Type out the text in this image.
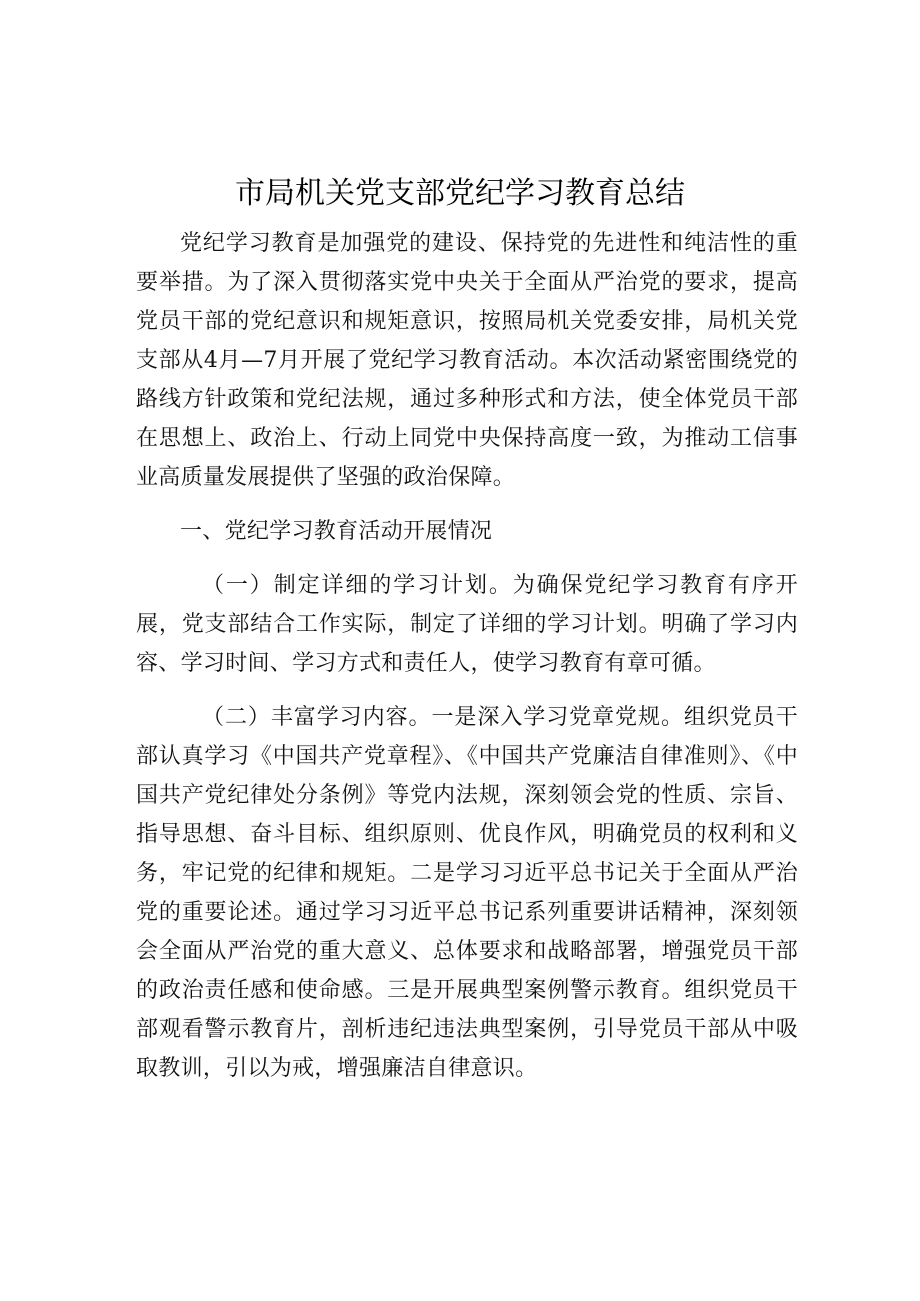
市局机关党支部党纪学习教育总结

党纪学习教育是加强党的建设、保持党的先进性和纯洁性的重要举措。为了深入贯彻落实党中央关于全面从严治党的要求，提高党员干部的党纪意识和规矩意识，按照局机关党委安排，局机关党支部从4月—7月开展了党纪学习教育活动。本次活动紧密围绕党的路线方针政策和党纪法规，通过多种形式和方法，使全体党员干部在思想上、政治上、行动上同党中央保持高度一致，为推动工信事业高质量发展提供了坚强的政治保障。

一、党纪学习教育活动开展情况

（一）制定详细的学习计划。为确保党纪学习教育有序开展，党支部结合工作实际，制定了详细的学习计划。明确了学习内容、学习时间、学习方式和责任人，使学习教育有章可循。

（二）丰富学习内容。一是深入学习党章党规。组织党员干部认真学习《中国共产党章程》、《中国共产党廉洁自律准则》、《中国共产党纪律处分条例》等党内法规，深刻领会党的性质、宗旨、指导思想、奋斗目标、组织原则、优良作风，明确党员的权利和义务，牢记党的纪律和规矩。二是学习习近平总书记关于全面从严治党的重要论述。通过学习习近平总书记系列重要讲话精神，深刻领会全面从严治党的重大意义、总体要求和战略部署，增强党员干部的政治责任感和使命感。三是开展典型案例警示教育。组织党员干部观看警示教育片，剖析违纪违法典型案例，引导党员干部从中吸取教训，引以为戒，增强廉洁自律意识。
